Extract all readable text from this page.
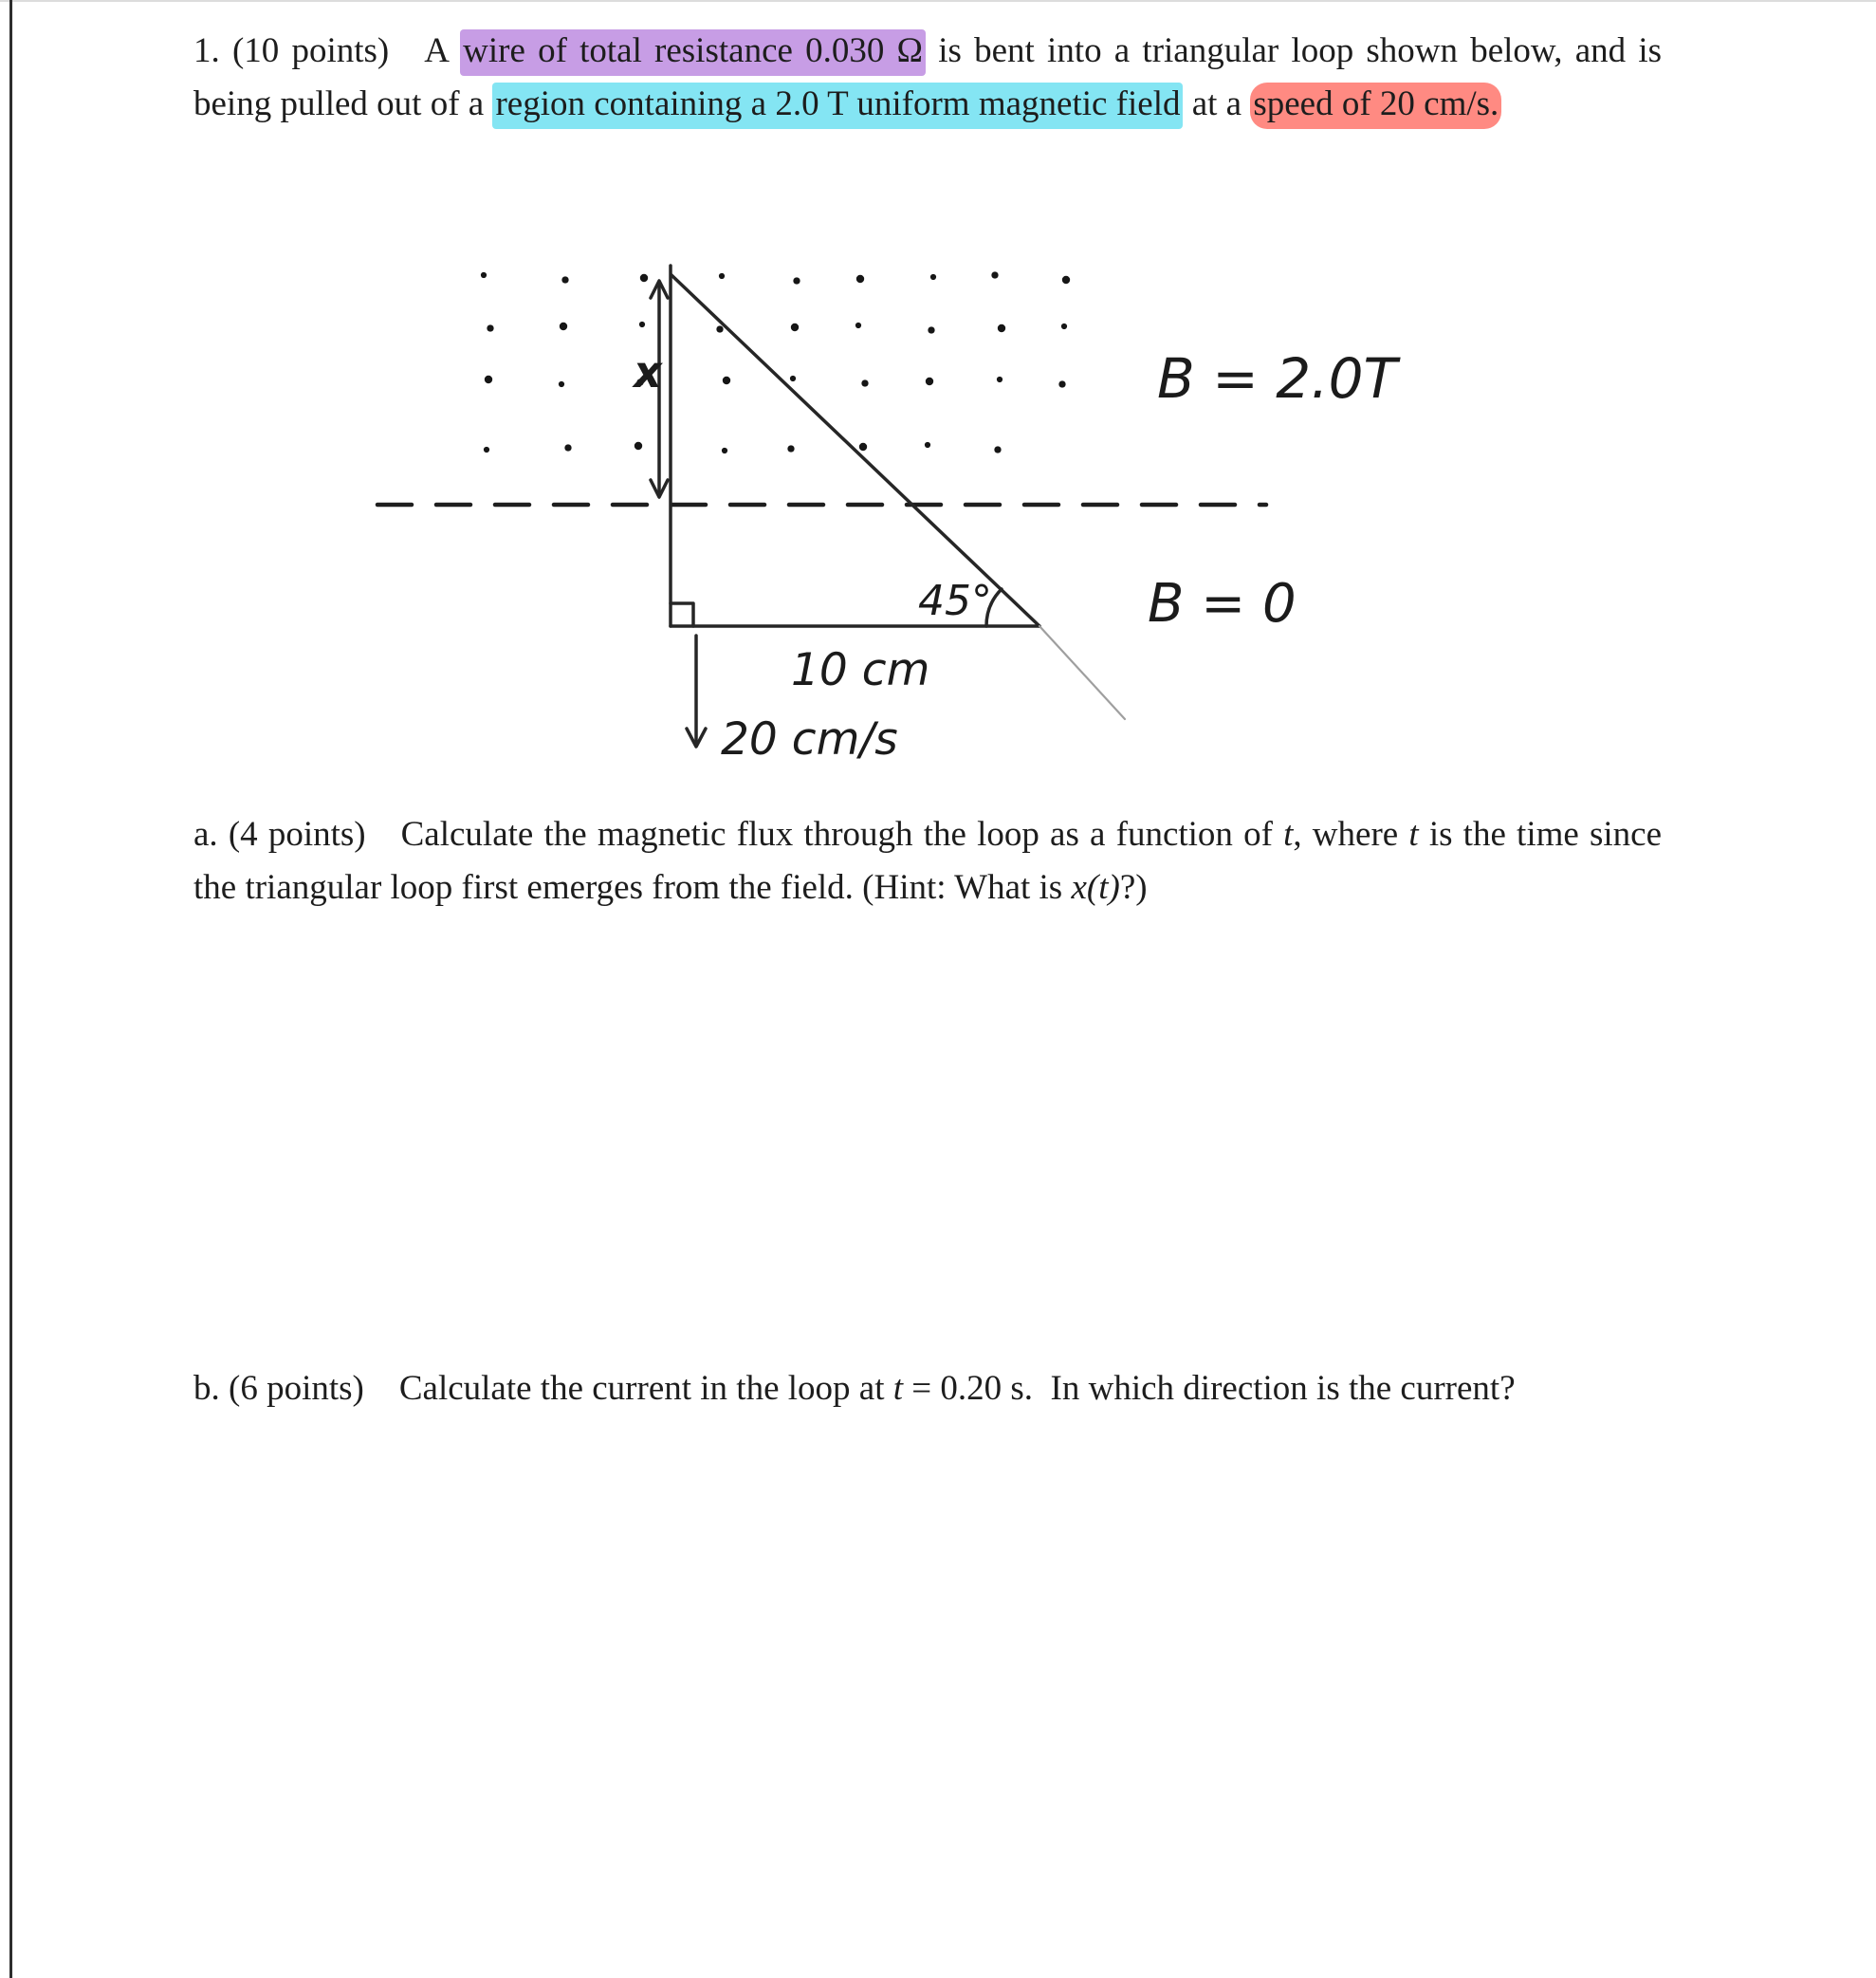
1. (10 points) A wire of total resistance 0.030 Ω is bent into a triangular loop shown below, and is being pulled out of a region containing a 2.0 T uniform magnetic field at a speed of 20 cm/s.

B = 2.0T
B = 0
45°
10 cm
20 cm/s
x

a. (4 points) Calculate the magnetic flux through the loop as a function of t, where t is the time since the triangular loop first emerges from the field. (Hint: What is x(t)?)

b. (6 points) Calculate the current in the loop at t = 0.20 s. In which direction is the current?
